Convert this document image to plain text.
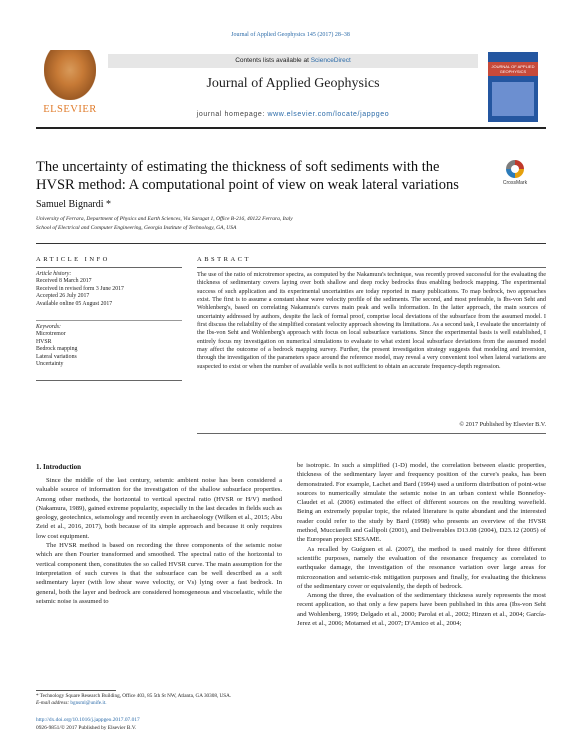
Journal of Applied Geophysics 145 (2017) 28–38
ELSEVIER
Contents lists available at ScienceDirect
Journal of Applied Geophysics
journal homepage: www.elsevier.com/locate/jappgeo
JOURNAL OF APPLIED GEOPHYSICS
The uncertainty of estimating the thickness of soft sediments with the HVSR method: A computational point of view on weak lateral variations	CrossMark
Samuel Bignardi *
University of Ferrara, Department of Physics and Earth Sciences, Via Saragat 1, Office B-216, 40122 Ferrara, Italy
School of Electrical and Computer Engineering, Georgia Institute of Technology, GA, USA
ARTICLE INFO
Article history:
Received 8 March 2017
Received in revised form 3 June 2017
Accepted 26 July 2017
Available online 05 August 2017
Keywords:
Microtremor
HVSR
Bedrock mapping
Lateral variations
Uncertainty
ABSTRACT
The use of the ratio of microtremor spectra, as computed by the Nakamura's technique, was recently proved successful for the evaluating the thickness of sedimentary covers laying over both shallow and deep rocky bedrocks thus enabling bedrock mapping. The experimental success of such application and its experimental uncertainties are today reported in many publications. To map bedrock, two approaches exist. The first is to assume a constant shear wave velocity profile of the sediments. The second, and most preferable, is Ibs-von Seht and Wohlenberg's, based on correlating Nakamura's curves main peak and wells information. In the latter approach, the main sources of uncertainty addressed by authors, despite the lack of formal proof, comprise local deviations of the subsurface from the assumed model. I first discuss the reliability of the simplified constant velocity approach showing its limitations. As a second task, I evaluate the uncertainty of the Ibs-von Seht and Wohlenberg's approach with focus on local subsurface variations. Since the experimental basis is well established, I entirely focus my investigation on numerical simulations to evaluate to what extent local subsurface deviations from the assumed model may affect the outcome of a bedrock mapping survey. Further, the present investigation strategy suggests that modeling and inversion, through the investigation of the parameters space around the reference model, may reveal a very convenient tool when lateral variations are suspected to exist or when the number of available wells is not sufficient to obtain an accurate frequency-depth regression.
© 2017 Published by Elsevier B.V.
1. Introduction

Since the middle of the last century, seismic ambient noise has been considered a valuable source of information for the investigation of the shallow subsurface properties. Among other methods, the horizontal to vertical spectral ratio (HVSR or H/V) method (Nakamura, 1989), gained extreme popularity, especially in the last decades in fields such as geology, geotechnics, seismology and recently even in archaeology (Wilken et al., 2015; Abu Zeid et al., 2016, 2017), both because of its simple approach and because it only requires low cost equipment.

The HVSR method is based on recording the three components of the seismic noise which are then Fourier transformed and smoothed. The spectral ratio of the horizontal to vertical component then, constitutes the so called HVSR curve. The main assumption for the interpretation of such curves is that the subsurface can be well described as a soft sedimentary layer (with low shear wave velocity, or Vs) lying over a fast bedrock. In general, both the layer and bedrock are considered homogeneous and viscoelastic, while the seismic noise is assumed to

be isotropic. In such a simplified (1-D) model, the correlation between elastic properties, thickness of the sedimentary layer and frequency position of the curve's peaks, has been demonstrated. For example, Lachet and Bard (1994) used a uniform distribution of point-wise sources to numerically simulate the seismic noise in an urban context while Bonnefoy-Claudet et al. (2006) estimated the effect of different sources on the resulting wavefield. Being an extremely popular topic, the related literature is quite abundant and the interested reader could refer to the study by Bard (1998) who presents an overview of the HVSR method, Mucciarelli and Gallipoli (2001), and Deliverables D13.08 (2004), D23.12 (2005) of the European project SESAME.

As recalled by Guéguen et al. (2007), the method is used mainly for three different scientific purposes, namely the evaluation of the resonance frequency as correlated to earthquake damage, the investigation of the resonance variation over large areas for microzonation and seismic-risk mitigation purposes and finally, for evaluating the thickness of the sedimentary cover or equivalently, the depth of bedrock.

Among the three, the evaluation of the sedimentary thickness surely represents the most recent application, so that only a few papers have been published in this area (Ibs-von Seht and Wohlenberg, 1999; Delgado et al., 2000; Parolai et al., 2002; Hinzen et al., 2004; García-Jerez et al., 2006; Motamed et al., 2007; D'Amico et al., 2004;

* Technology Square Research Building, Office 403, 85 5th St NW, Atlanta, GA 30308, USA.
E-mail address: bgnsml@unife.it.
http://dx.doi.org/10.1016/j.jappgeo.2017.07.017
0926-9851/© 2017 Published by Elsevier B.V.
